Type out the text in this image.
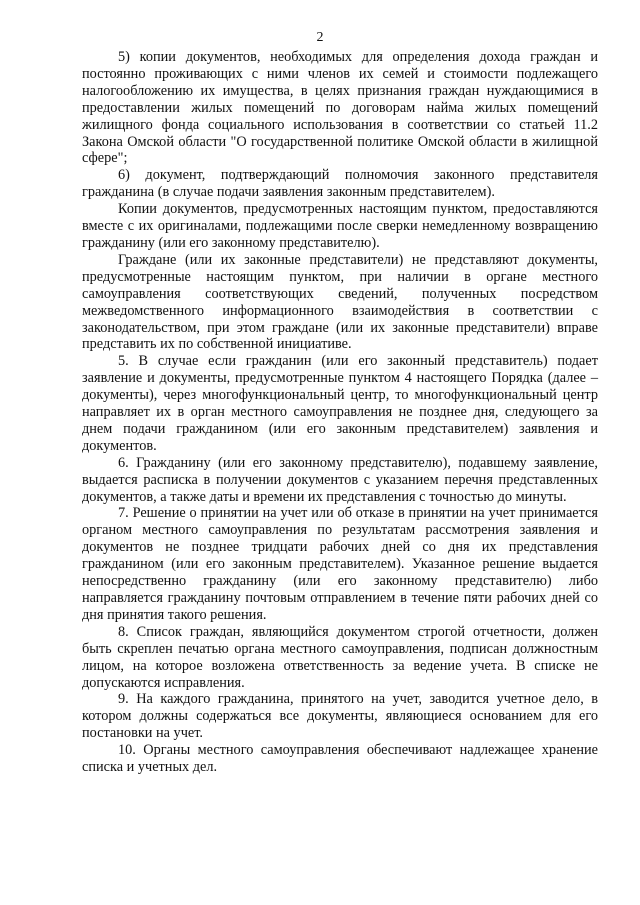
2

5) копии документов, необходимых для определения дохода граждан и постоянно проживающих с ними членов их семей и стоимости подлежащего налогообложению их имущества, в целях признания граждан нуждающимися в предоставлении жилых помещений по договорам найма жилых помещений жилищного фонда социального использования в соответствии со статьей 11.2 Закона Омской области "О государственной политике Омской области в жилищной сфере";

6) документ, подтверждающий полномочия законного представителя гражданина (в случае подачи заявления законным представителем).

Копии документов, предусмотренных настоящим пунктом, предоставляются вместе с их оригиналами, подлежащими после сверки немедленному возвращению гражданину (или его законному представителю).

Граждане (или их законные представители) не представляют документы, предусмотренные настоящим пунктом, при наличии в органе местного самоуправления соответствующих сведений, полученных посредством межведомственного информационного взаимодействия в соответствии с законодательством, при этом граждане (или их законные представители) вправе представить их по собственной инициативе.

5. В случае если гражданин (или его законный представитель) подает заявление и документы, предусмотренные пунктом 4 настоящего Порядка (далее – документы), через многофункциональный центр, то многофункциональный центр направляет их в орган местного самоуправления не позднее дня, следующего за днем подачи гражданином (или его законным представителем) заявления и документов.

6. Гражданину (или его законному представителю), подавшему заявление, выдается расписка в получении документов с указанием перечня представленных документов, а также даты и времени их представления с точностью до минуты.

7. Решение о принятии на учет или об отказе в принятии на учет принимается органом местного самоуправления по результатам рассмотрения заявления и документов не позднее тридцати рабочих дней со дня их представления гражданином (или его законным представителем). Указанное решение выдается непосредственно гражданину (или его законному представителю) либо направляется гражданину почтовым отправлением в течение пяти рабочих дней со дня принятия такого решения.

8. Список граждан, являющийся документом строгой отчетности, должен быть скреплен печатью органа местного самоуправления, подписан должностным лицом, на которое возложена ответственность за ведение учета. В списке не допускаются исправления.

9. На каждого гражданина, принятого на учет, заводится учетное дело, в котором должны содержаться все документы, являющиеся основанием для его постановки на учет.

10. Органы местного самоуправления обеспечивают надлежащее хранение списка и учетных дел.
